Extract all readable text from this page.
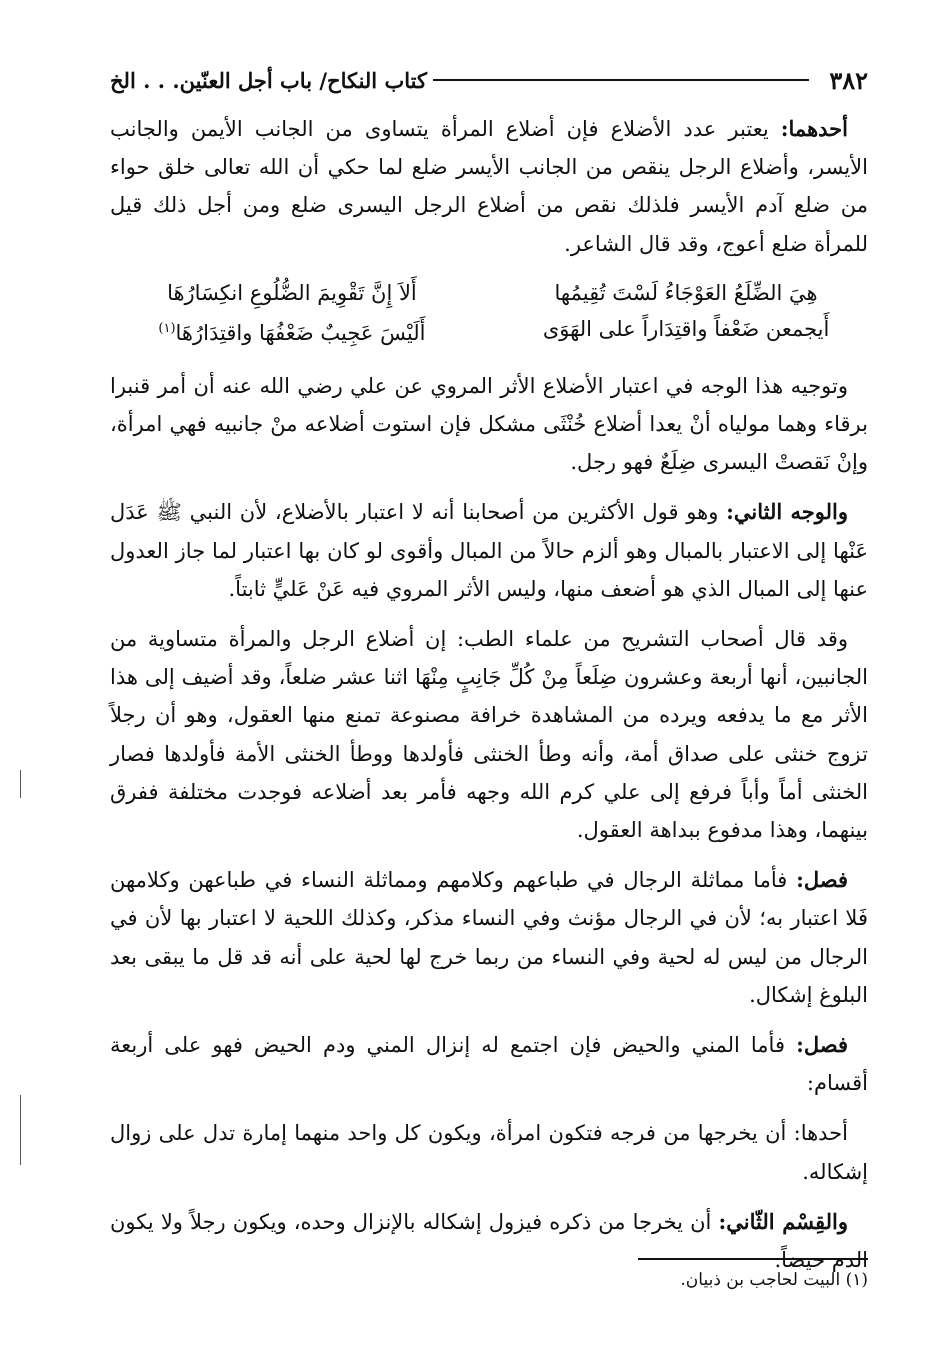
٣٨٢
كتاب النكاح/ باب أجل العنّين. . . الخ

أحدهما: يعتبر عدد الأضلاع فإن أضلاع المرأة يتساوى من الجانب الأيمن والجانب الأيسر، وأضلاع الرجل ينقص من الجانب الأيسر ضلع لما حكي أن الله تعالى خلق حواء من ضلع آدم الأيسر فلذلك نقص من أضلاع الرجل اليسرى ضلع ومن أجل ذلك قيل للمرأة ضلع أعوج، وقد قال الشاعر.

هِيَ الضِّلَعُ العَوْجَاءُ لَسْتَ تُقِيمُها
أَلاَ إِنَّ تَقْوِيمَ الضُّلُوعِ انكِسَارُهَا
أَيجمعن ضَعْفاً واقتِدَاراً على الهَوَى
أَلَيْسَ عَجِيبٌ ضَعْفُهَا واقتِدَارُهَا$^{(١)}$

وتوجيه هذا الوجه في اعتبار الأضلاع الأثر المروي عن علي رضي الله عنه أن أمر قنبرا برقاء وهما مولياه أنْ يعدا أضلاع خُنْثَى مشكل فإن استوت أضلاعه منْ جانبيه فهي امرأة، وإنْ نَقصتْ اليسرى ضِلَعٌ فهو رجل.

والوجه الثاني: وهو قول الأكثرين من أصحابنا أنه لا اعتبار بالأضلاع، لأن النبي ﷺ عَدَل عَنْها إلى الاعتبار بالمبال وهو ألزم حالاً من المبال وأقوى لو كان بها اعتبار لما جاز العدول عنها إلى المبال الذي هو أضعف منها، وليس الأثر المروي فيه عَنْ عَليٍّ ثابتاً.

وقد قال أصحاب التشريح من علماء الطب: إن أضلاع الرجل والمرأة متساوية من الجانبين، أنها أربعة وعشرون ضِلَعاً مِنْ كُلِّ جَانِبٍ مِنْهَا اثنا عشر ضلعاً، وقد أضيف إلى هذا الأثر مع ما يدفعه ويرده من المشاهدة خرافة مصنوعة تمنع منها العقول، وهو أن رجلاً تزوج خنثى على صداق أمة، وأنه وطأ الخنثى فأولدها ووطأ الخنثى الأمة فأولدها فصار الخنثى أماً وأباً فرفع إلى علي كرم الله وجهه فأمر بعد أضلاعه فوجدت مختلفة ففرق بينهما، وهذا مدفوع ببداهة العقول.

فصل: فأما مماثلة الرجال في طباعهم وكلامهم ومماثلة النساء في طباعهن وكلامهن فَلا اعتبار به؛ لأن في الرجال مؤنث وفي النساء مذكر، وكذلك اللحية لا اعتبار بها لأن في الرجال من ليس له لحية وفي النساء من ربما خرج لها لحية على أنه قد قل ما يبقى بعد البلوغ إشكال.

فصل: فأما المني والحيض فإن اجتمع له إنزال المني ودم الحيض فهو على أربعة أقسام:

أحدها: أن يخرجها من فرجه فتكون امرأة، ويكون كل واحد منهما إمارة تدل على زوال إشكاله.

والقِسْم الثّاني: أن يخرجا من ذكره فيزول إشكاله بالإنزال وحده، ويكون رجلاً ولا يكون الدم حيضاً.

(١) البيت لحاجب بن ذبيان.
